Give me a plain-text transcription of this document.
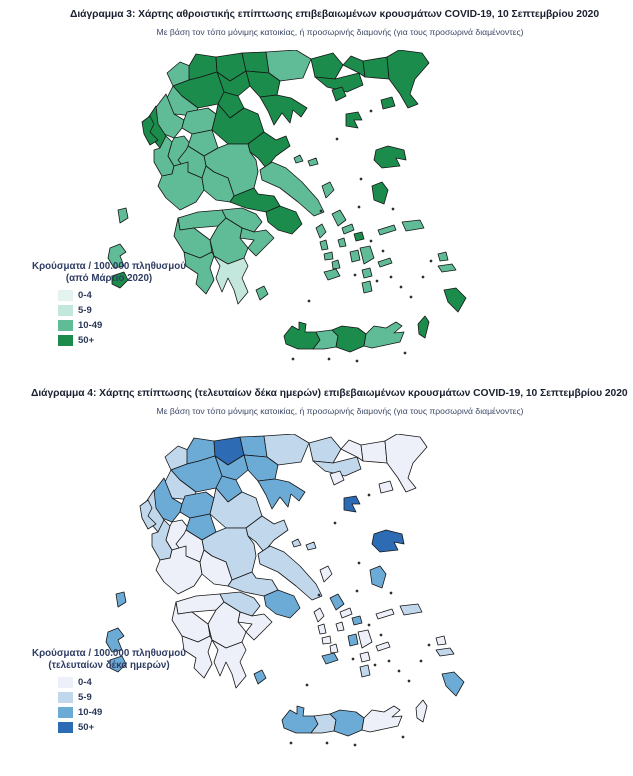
Διάγραμμα 3: Χάρτης αθροιστικής επίπτωσης επιβεβαιωμένων κρουσμάτων COVID-19, 10 Σεπτεμβρίου 2020
Με βάση τον τόπο μόνιμης κατοικίας, ή προσωρινής διαμονής (για τους προσωρινά διαμένοντες)
Κρούσματα / 100.000 πληθυσμού
(από Μάρτιο 2020)
0-4
5-9
10-49
50+
Διάγραμμα 4: Χάρτης επίπτωσης (τελευταίων δέκα ημερών) επιβεβαιωμένων κρουσμάτων COVID-19, 10 Σεπτεμβρίου 2020
Με βάση τον τόπο μόνιμης κατοικίας, ή προσωρινής διαμονής (για τους προσωρινά διαμένοντες)
Κρούσματα / 100.000 πληθυσμού
(τελευταίων δέκα ημερών)
0-4
5-9
10-49
50+
